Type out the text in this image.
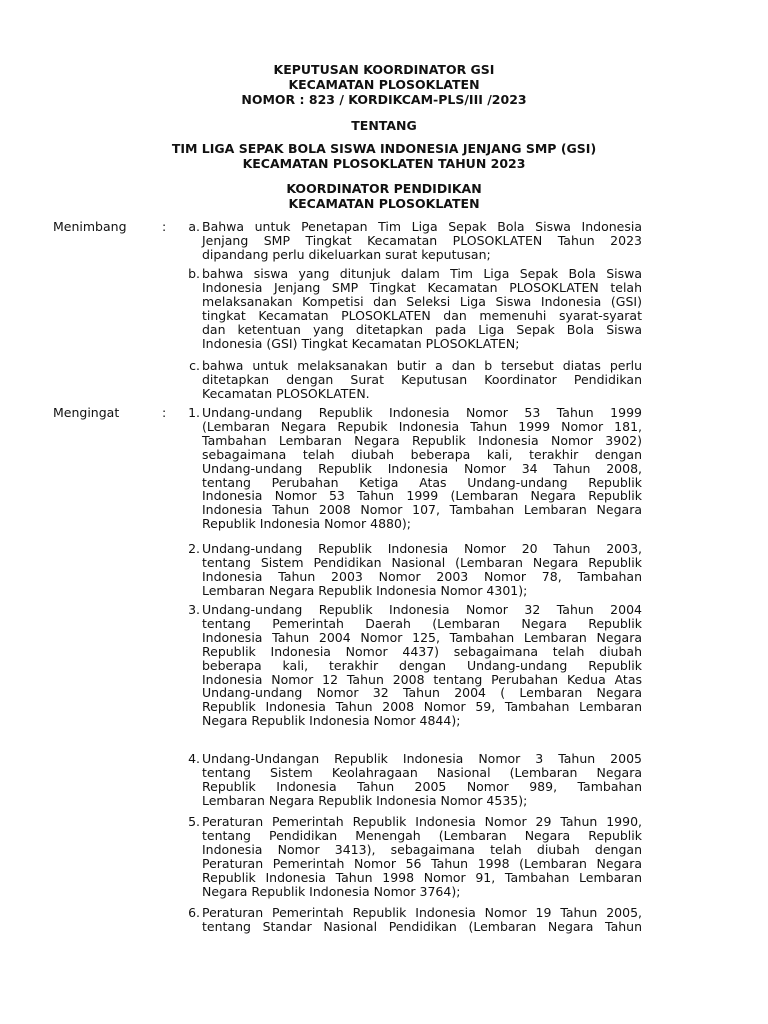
KEPUTUSAN KOORDINATOR GSI
KECAMATAN PLOSOKLATEN
NOMOR : 823 / KORDIKCAM-PLS/III /2023
TENTANG
TIM LIGA SEPAK BOLA SISWA INDONESIA JENJANG SMP (GSI)
KECAMATAN PLOSOKLATEN TAHUN 2023
KOORDINATOR PENDIDIKAN
KECAMATAN PLOSOKLATEN
Menimbang	:	a. Bahwa untuk Penetapan Tim Liga Sepak Bola Siswa Indonesia
Jenjang SMP Tingkat Kecamatan PLOSOKLATEN Tahun 2023
dipandang perlu dikeluarkan surat keputusan;
b. bahwa siswa yang ditunjuk dalam Tim Liga Sepak Bola Siswa
Indonesia Jenjang SMP Tingkat Kecamatan PLOSOKLATEN telah
melaksanakan Kompetisi dan Seleksi Liga Siswa Indonesia (GSI)
tingkat Kecamatan PLOSOKLATEN dan memenuhi syarat-syarat
dan ketentuan yang ditetapkan pada Liga Sepak Bola Siswa
Indonesia (GSI) Tingkat Kecamatan PLOSOKLATEN;
c. bahwa untuk melaksanakan butir a dan b tersebut diatas perlu
ditetapkan dengan Surat Keputusan Koordinator Pendidikan
Kecamatan PLOSOKLATEN.
Mengingat	:	1. Undang-undang Republik Indonesia Nomor 53 Tahun 1999
(Lembaran Negara Repubik Indonesia Tahun 1999 Nomor 181,
Tambahan Lembaran Negara Republik Indonesia Nomor 3902)
sebagaimana telah diubah beberapa kali, terakhir dengan
Undang-undang Republik Indonesia Nomor 34 Tahun 2008,
tentang Perubahan Ketiga Atas Undang-undang Republik
Indonesia Nomor 53 Tahun 1999 (Lembaran Negara Republik
Indonesia Tahun 2008 Nomor 107, Tambahan Lembaran Negara
Republik Indonesia Nomor 4880);
2. Undang-undang Republik Indonesia Nomor 20 Tahun 2003,
tentang Sistem Pendidikan Nasional (Lembaran Negara Republik
Indonesia Tahun 2003 Nomor 2003 Nomor 78, Tambahan
Lembaran Negara Republik Indonesia Nomor 4301);
3. Undang-undang Republik Indonesia Nomor 32 Tahun 2004
tentang Pemerintah Daerah (Lembaran Negara Republik
Indonesia Tahun 2004 Nomor 125, Tambahan Lembaran Negara
Republik Indonesia Nomor 4437) sebagaimana telah diubah
beberapa kali, terakhir dengan Undang-undang Republik
Indonesia Nomor 12 Tahun 2008 tentang Perubahan Kedua Atas
Undang-undang Nomor 32 Tahun 2004 ( Lembaran Negara
Republik Indonesia Tahun 2008 Nomor 59, Tambahan Lembaran
Negara Republik Indonesia Nomor 4844);
4. Undang-Undangan Republik Indonesia Nomor 3 Tahun 2005
tentang Sistem Keolahragaan Nasional (Lembaran Negara
Republik Indonesia Tahun 2005 Nomor 989, Tambahan
Lembaran Negara Republik Indonesia Nomor 4535);
5. Peraturan Pemerintah Republik Indonesia Nomor 29 Tahun 1990,
tentang Pendidikan Menengah (Lembaran Negara Republik
Indonesia Nomor 3413), sebagaimana telah diubah dengan
Peraturan Pemerintah Nomor 56 Tahun 1998 (Lembaran Negara
Republik Indonesia Tahun 1998 Nomor 91, Tambahan Lembaran
Negara Republik Indonesia Nomor 3764);
6. Peraturan Pemerintah Republik Indonesia Nomor 19 Tahun 2005,
tentang Standar Nasional Pendidikan (Lembaran Negara Tahun
